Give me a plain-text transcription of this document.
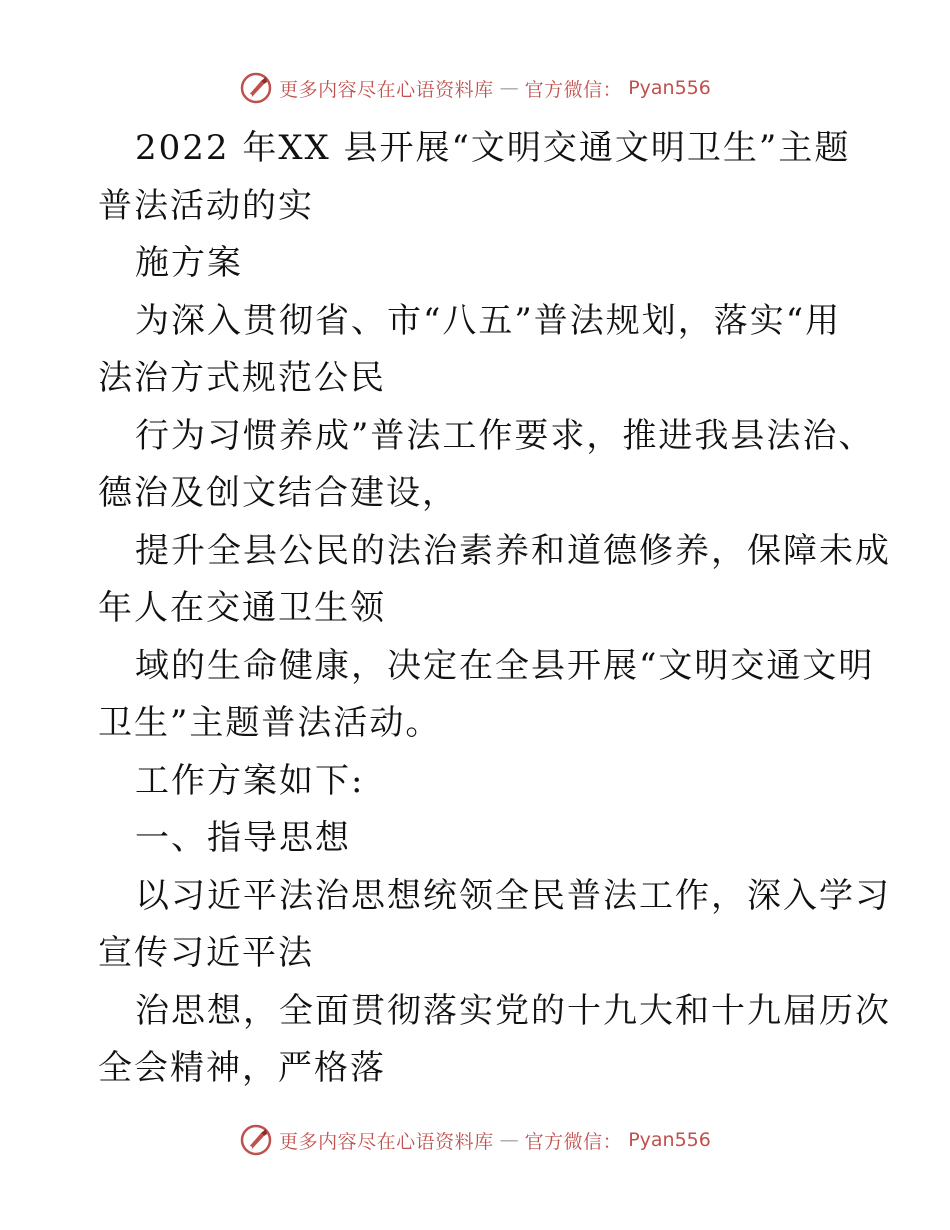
更多内容尽在心语资料库 — 官方微信： Pyan556
2022 年XX 县开展“文明交通文明卫生”主题
普法活动的实
施方案
为深入贯彻省、市“八五”普法规划，落实“用
法治方式规范公民
行为习惯养成”普法工作要求，推进我县法治、
德治及创文结合建设，
提升全县公民的法治素养和道德修养，保障未成
年人在交通卫生领
域的生命健康，决定在全县开展“文明交通文明
卫生”主题普法活动。
工作方案如下:
一、指导思想
以习近平法治思想统领全民普法工作，深入学习
宣传习近平法
治思想，全面贯彻落实党的十九大和十九届历次
全会精神，严格落
更多内容尽在心语资料库 — 官方微信： Pyan556
